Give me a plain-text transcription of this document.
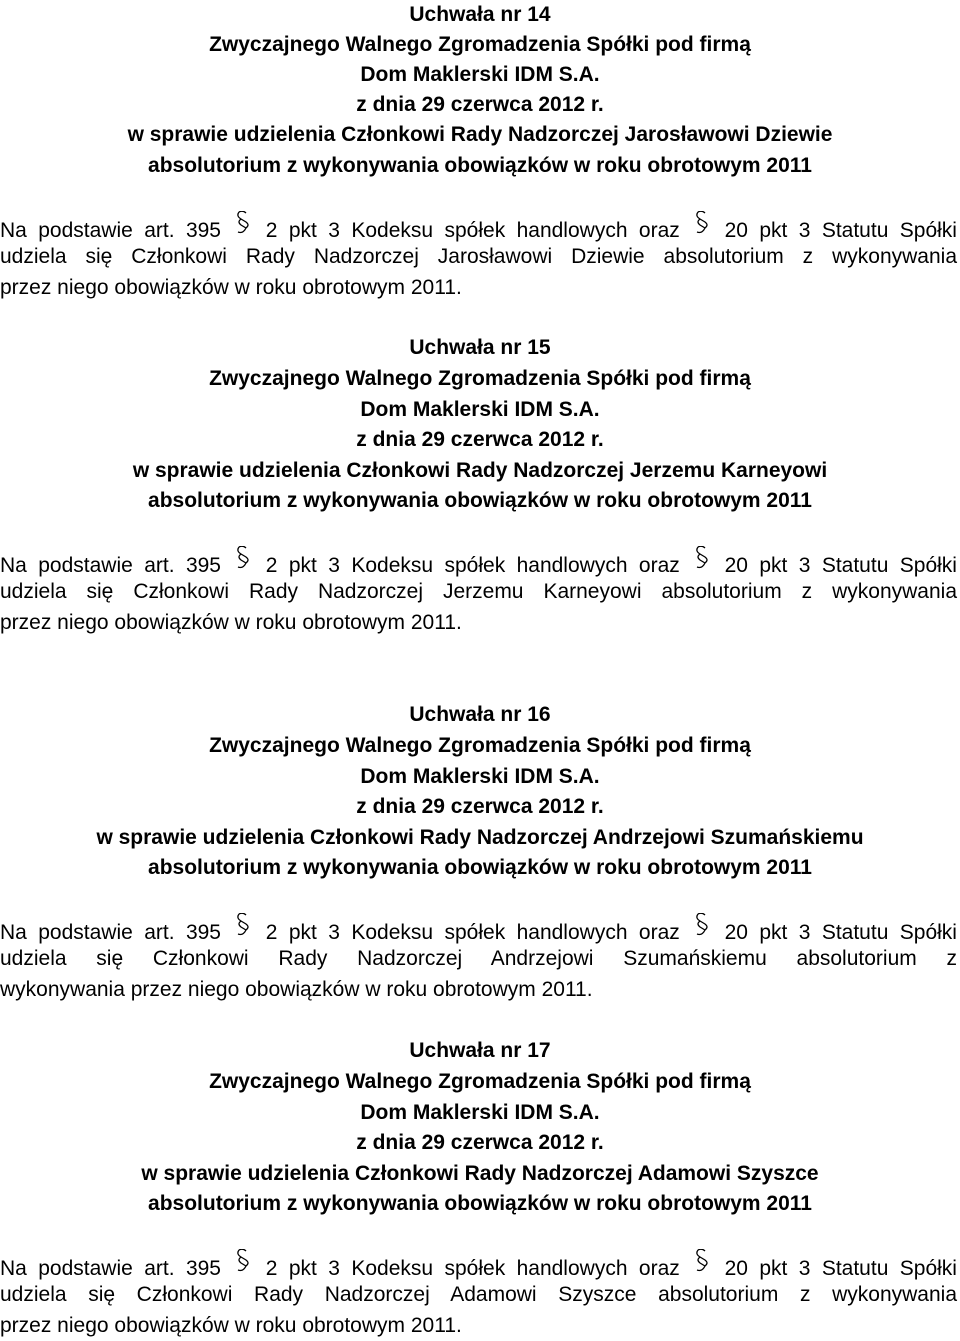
Uchwała nr 14
Zwyczajnego Walnego Zgromadzenia Spółki pod firmą
Dom Maklerski IDM S.A.
z dnia 29 czerwca 2012 r.
w sprawie udzielenia Członkowi Rady Nadzorczej Jarosławowi Dziewie
absolutorium z wykonywania obowiązków w roku obrotowym 2011
Na podstawie art. 395 2 pkt 3 Kodeksu spółek handlowych oraz 20 pkt 3 Statutu Spółki
udziela się Członkowi Rady Nadzorczej Jarosławowi Dziewie absolutorium z wykonywania
przez niego obowiązków w roku obrotowym 2011.
Uchwała nr 15
Zwyczajnego Walnego Zgromadzenia Spółki pod firmą
Dom Maklerski IDM S.A.
z dnia 29 czerwca 2012 r.
w sprawie udzielenia Członkowi Rady Nadzorczej Jerzemu Karneyowi
absolutorium z wykonywania obowiązków w roku obrotowym 2011
Na podstawie art. 395 2 pkt 3 Kodeksu spółek handlowych oraz 20 pkt 3 Statutu Spółki
udziela się Członkowi Rady Nadzorczej Jerzemu Karneyowi absolutorium z wykonywania
przez niego obowiązków w roku obrotowym 2011.
Uchwała nr 16
Zwyczajnego Walnego Zgromadzenia Spółki pod firmą
Dom Maklerski IDM S.A.
z dnia 29 czerwca 2012 r.
w sprawie udzielenia Członkowi Rady Nadzorczej Andrzejowi Szumańskiemu
absolutorium z wykonywania obowiązków w roku obrotowym 2011
Na podstawie art. 395 2 pkt 3 Kodeksu spółek handlowych oraz 20 pkt 3 Statutu Spółki
udziela się Członkowi Rady Nadzorczej Andrzejowi Szumańskiemu absolutorium z
wykonywania przez niego obowiązków w roku obrotowym 2011.
Uchwała nr 17
Zwyczajnego Walnego Zgromadzenia Spółki pod firmą
Dom Maklerski IDM S.A.
z dnia 29 czerwca 2012 r.
w sprawie udzielenia Członkowi Rady Nadzorczej Adamowi Szyszce
absolutorium z wykonywania obowiązków w roku obrotowym 2011
Na podstawie art. 395 2 pkt 3 Kodeksu spółek handlowych oraz 20 pkt 3 Statutu Spółki
udziela się Członkowi Rady Nadzorczej Adamowi Szyszce absolutorium z wykonywania
przez niego obowiązków w roku obrotowym 2011.
